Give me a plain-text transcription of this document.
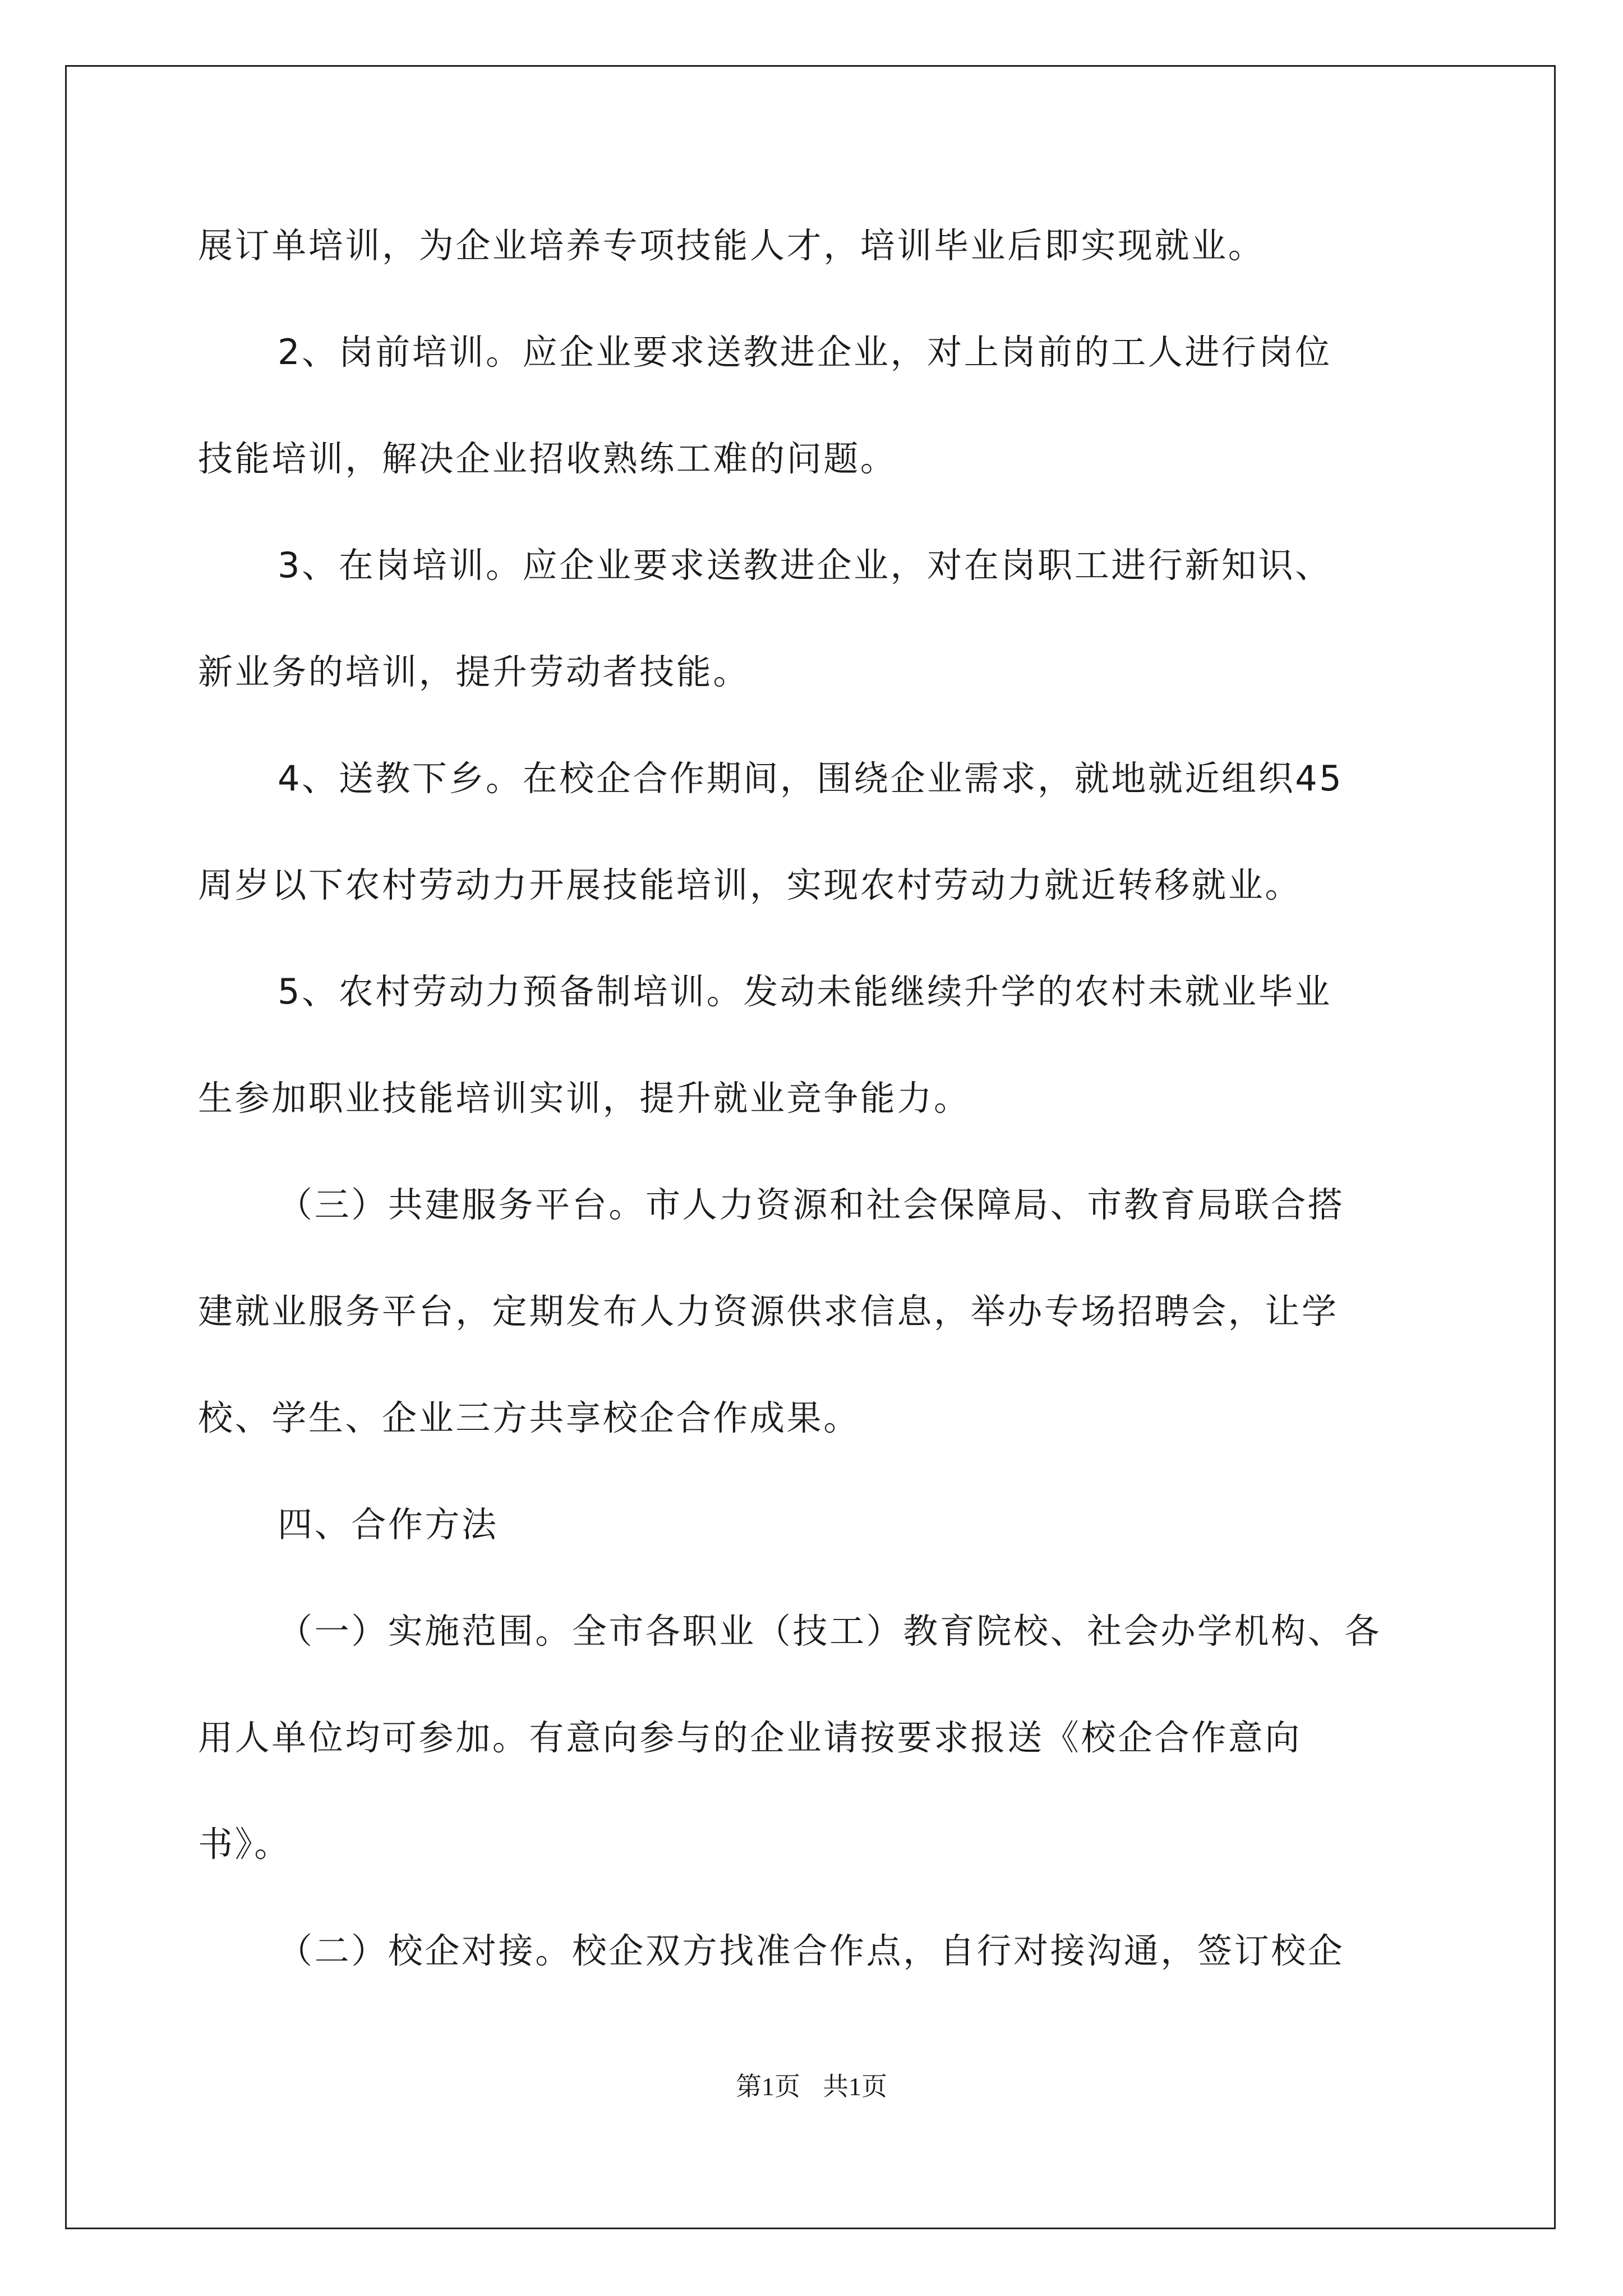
展订单培训，为企业培养专项技能人才，培训毕业后即实现就业。
2、岗前培训。应企业要求送教进企业，对上岗前的工人进行岗位
技能培训，解决企业招收熟练工难的问题。
3、在岗培训。应企业要求送教进企业，对在岗职工进行新知识、
新业务的培训，提升劳动者技能。
4、送教下乡。在校企合作期间，围绕企业需求，就地就近组织45
周岁以下农村劳动力开展技能培训，实现农村劳动力就近转移就业。
5、农村劳动力预备制培训。发动未能继续升学的农村未就业毕业
生参加职业技能培训实训，提升就业竞争能力。
（三）共建服务平台。市人力资源和社会保障局、市教育局联合搭
建就业服务平台，定期发布人力资源供求信息，举办专场招聘会，让学
校、学生、企业三方共享校企合作成果。
四、合作方法
（一）实施范围。全市各职业（技工）教育院校、社会办学机构、各
用人单位均可参加。有意向参与的企业请按要求报送《校企合作意向
书》。
（二）校企对接。校企双方找准合作点，自行对接沟通，签订校企
第1页 共1页
